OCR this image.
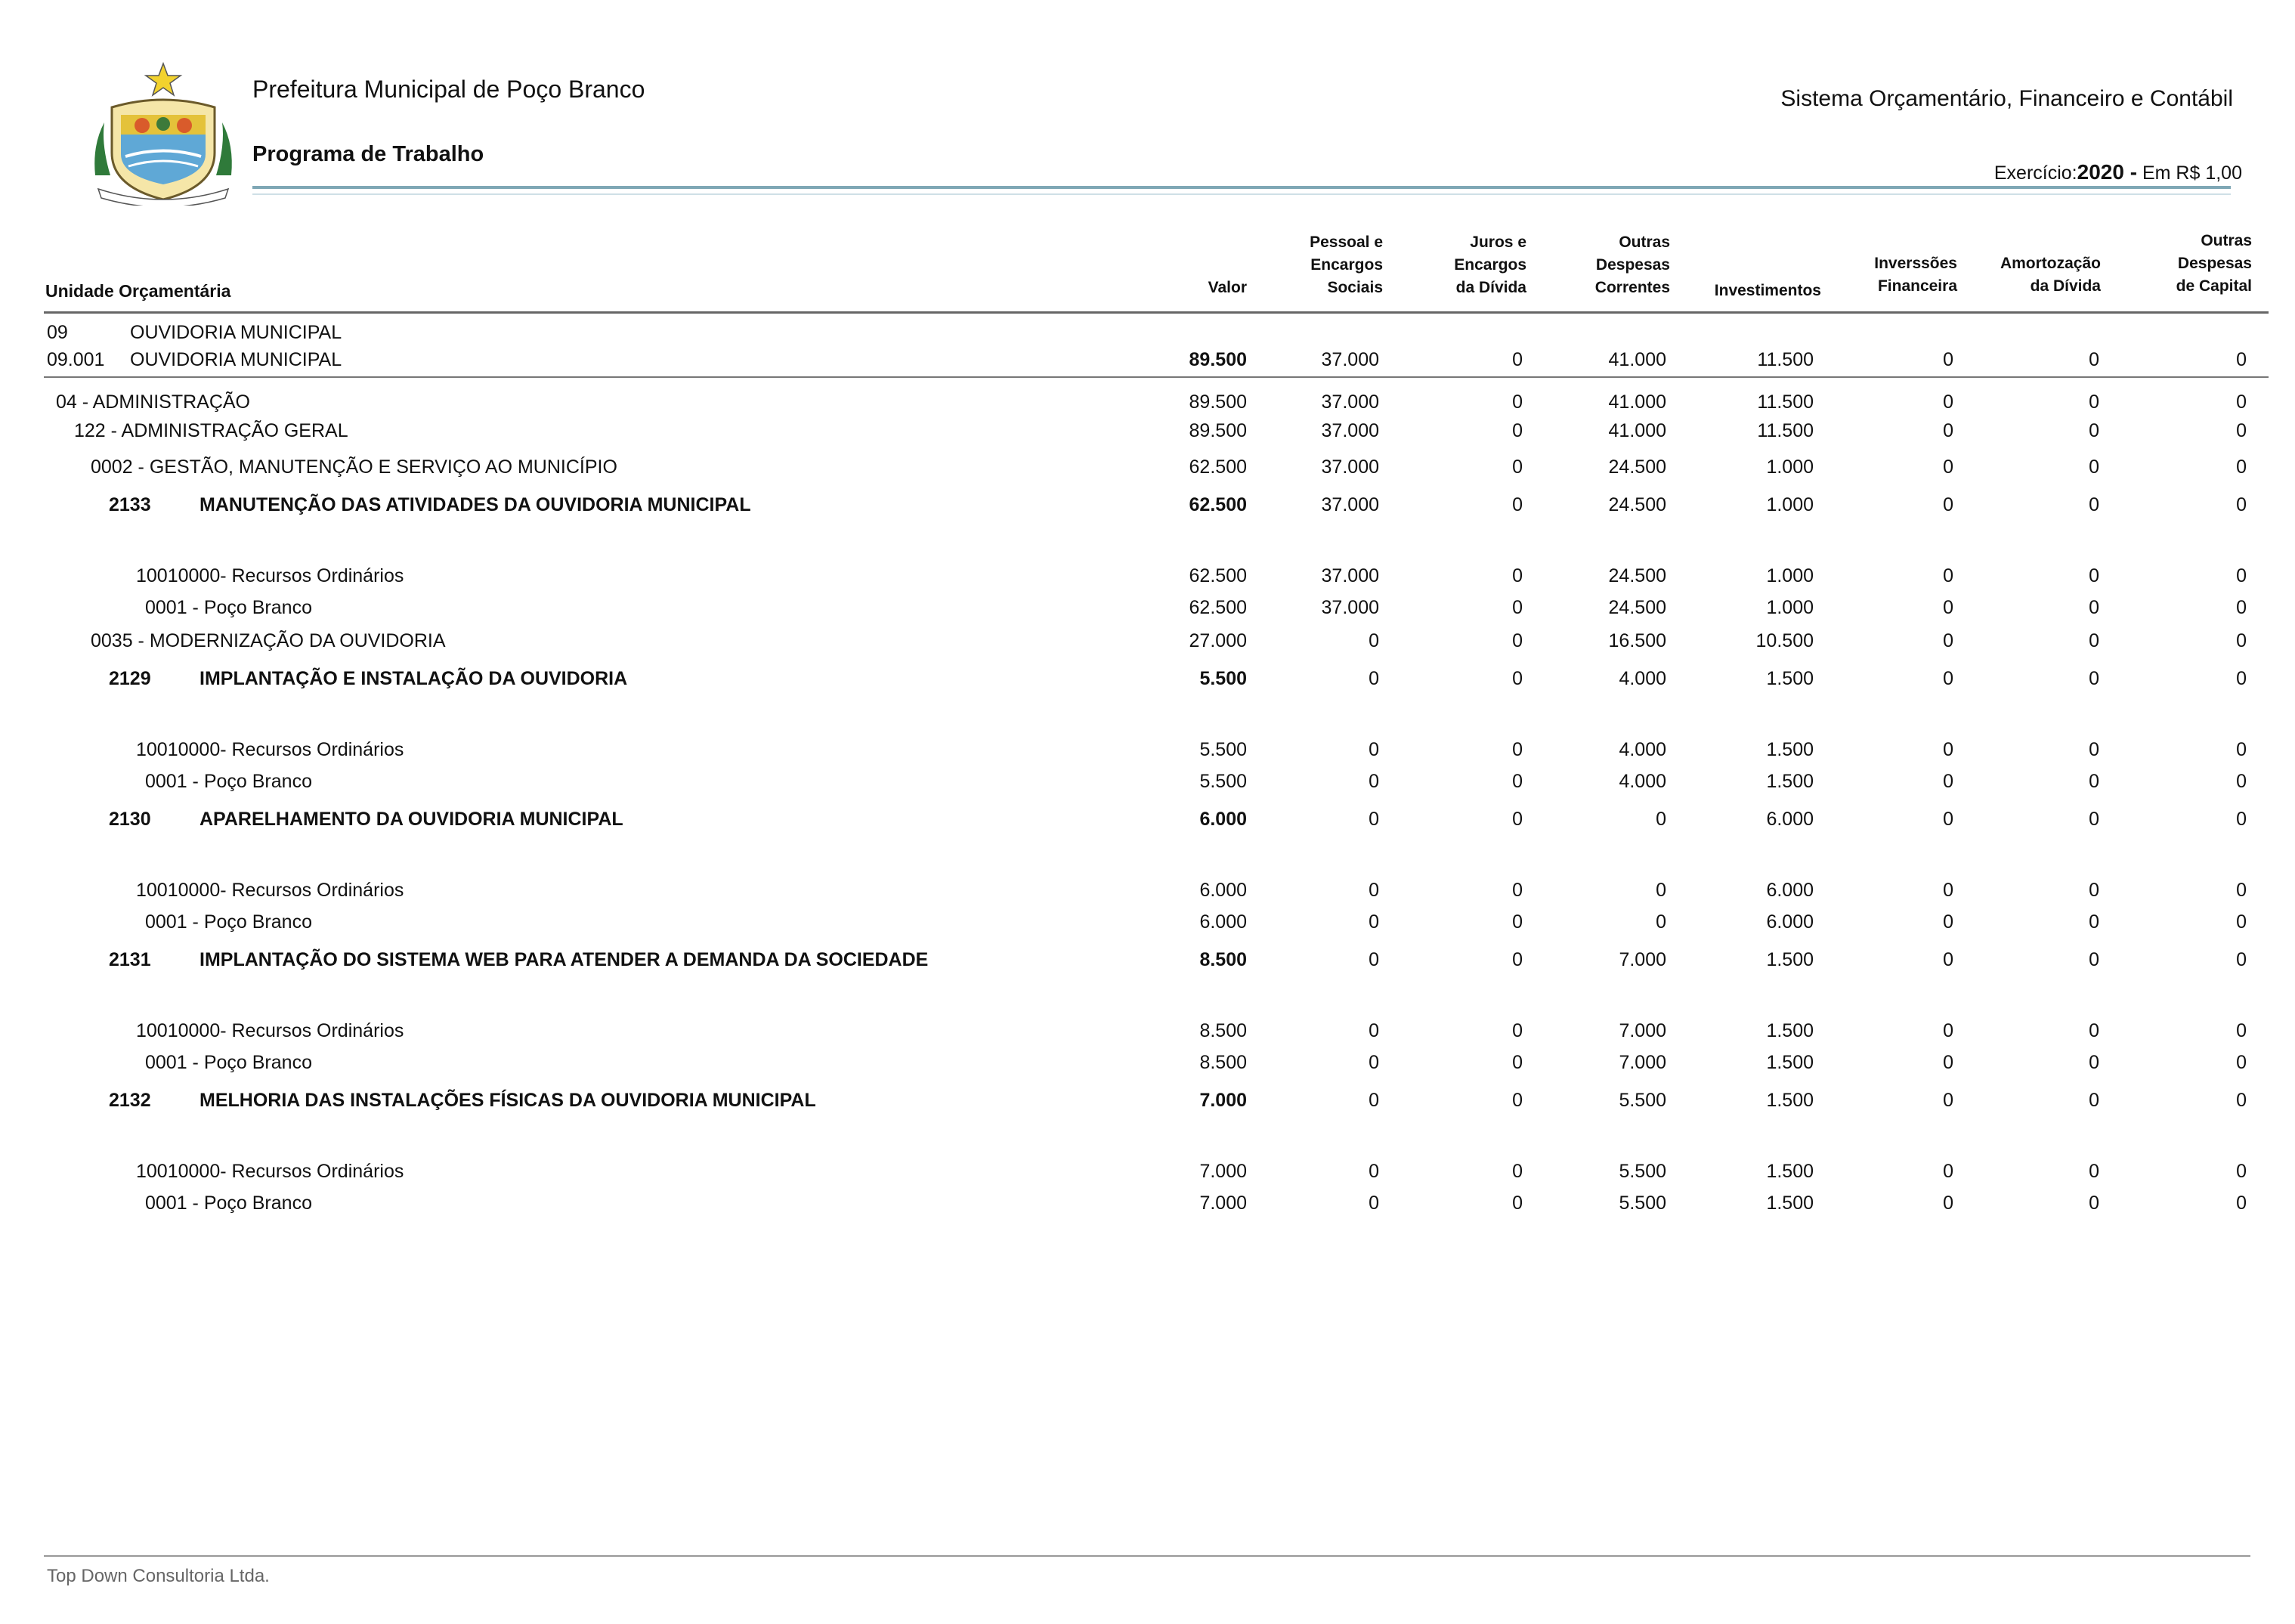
Prefeitura Municipal de Poço Branco
Programa de Trabalho
Sistema Orçamentário, Financeiro e Contábil
Exercício:2020 - Em R$ 1,00
Unidade Orçamentária	Valor
Pessoal e
Encargos
Sociais
Juros e
Encargos
da Dívida
Outras
Despesas
Correntes	Investimentos
Inverssões
Financeira
Amortozação
da Dívida
Outras
Despesas
de Capital
09	OUVIDORIA MUNICIPAL
09.001 OUVIDORIA MUNICIPAL	89.500	37.000	0	41.000	11.500	0	0	0
04 - ADMINISTRAÇÃO	89.500	37.000	0	41.000	11.500	0	0	0
122 - ADMINISTRAÇÃO GERAL	89.500	37.000	0	41.000	11.500	0	0	0
0002 - GESTÃO, MANUTENÇÃO E SERVIÇO AO MUNICÍPIO	62.500	37.000	0	24.500	1.000	0	0	0
2133	MANUTENÇÃO DAS ATIVIDADES DA OUVIDORIA MUNICIPAL	62.500	37.000	0	24.500	1.000	0	0	0
10010000- Recursos Ordinários	62.500	37.000	0	24.500	1.000	0	0	0
0001 - Poço Branco	62.500	37.000	0	24.500	1.000	0	0	0
0035 - MODERNIZAÇÃO DA OUVIDORIA	27.000	0	0	16.500	10.500	0	0	0
2129	IMPLANTAÇÃO E INSTALAÇÃO DA OUVIDORIA	5.500	0	0	4.000	1.500	0	0	0
10010000- Recursos Ordinários	5.500	0	0	4.000	1.500	0	0	0
0001 - Poço Branco	5.500	0	0	4.000	1.500	0	0	0
2130	APARELHAMENTO DA OUVIDORIA MUNICIPAL	6.000	0	0	0	6.000	0	0	0
10010000- Recursos Ordinários	6.000	0	0	0	6.000	0	0	0
0001 - Poço Branco	6.000	0	0	0	6.000	0	0	0
2131	IMPLANTAÇÃO DO SISTEMA WEB PARA ATENDER A DEMANDA DA SOCIEDADE	8.500	0	0	7.000	1.500	0	0	0
10010000- Recursos Ordinários	8.500	0	0	7.000	1.500	0	0	0
0001 - Poço Branco	8.500	0	0	7.000	1.500	0	0	0
2132	MELHORIA DAS INSTALAÇÕES FÍSICAS DA OUVIDORIA MUNICIPAL	7.000	0	0	5.500	1.500	0	0	0
10010000- Recursos Ordinários	7.000	0	0	5.500	1.500	0	0	0
0001 - Poço Branco	7.000	0	0	5.500	1.500	0	0	0
Top Down Consultoria Ltda.
